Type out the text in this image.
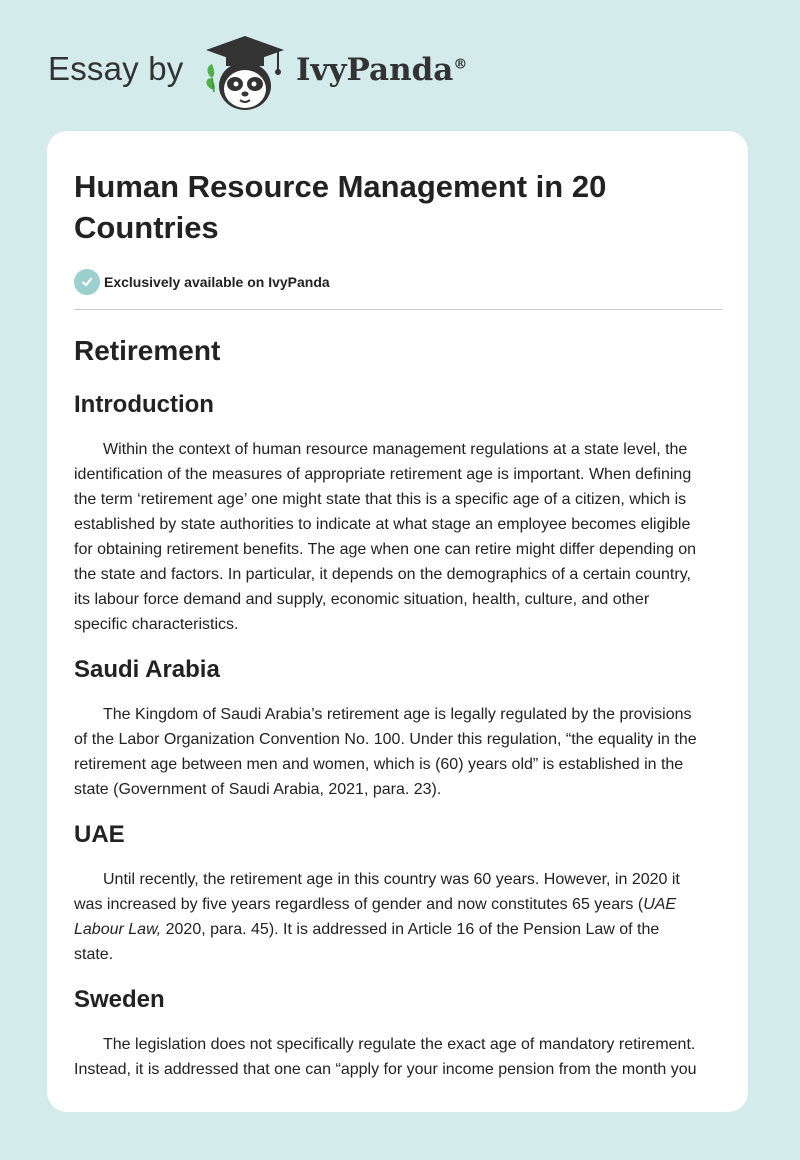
Essay by	IvyPanda®
Human Resource Management in 20
Countries
Exclusively available on IvyPanda
Retirement
Introduction

Within the context of human resource management regulations at a state level, the
identification of the measures of appropriate retirement age is important. When defining
the term ‘retirement age’ one might state that this is a specific age of a citizen, which is
established by state authorities to indicate at what stage an employee becomes eligible
for obtaining retirement benefits. The age when one can retire might differ depending on
the state and factors. In particular, it depends on the demographics of a certain country,
its labour force demand and supply, economic situation, health, culture, and other
specific characteristics.

Saudi Arabia

The Kingdom of Saudi Arabia’s retirement age is legally regulated by the provisions
of the Labor Organization Convention No. 100. Under this regulation, “the equality in the
retirement age between men and women, which is (60) years old” is established in the
state (Government of Saudi Arabia, 2021, para. 23).

UAE

Until recently, the retirement age in this country was 60 years. However, in 2020 it
was increased by five years regardless of gender and now constitutes 65 years (UAE
Labour Law, 2020, para. 45). It is addressed in Article 16 of the Pension Law of the
state.

Sweden

The legislation does not specifically regulate the exact age of mandatory retirement.
Instead, it is addressed that one can “apply for your income pension from the month you
